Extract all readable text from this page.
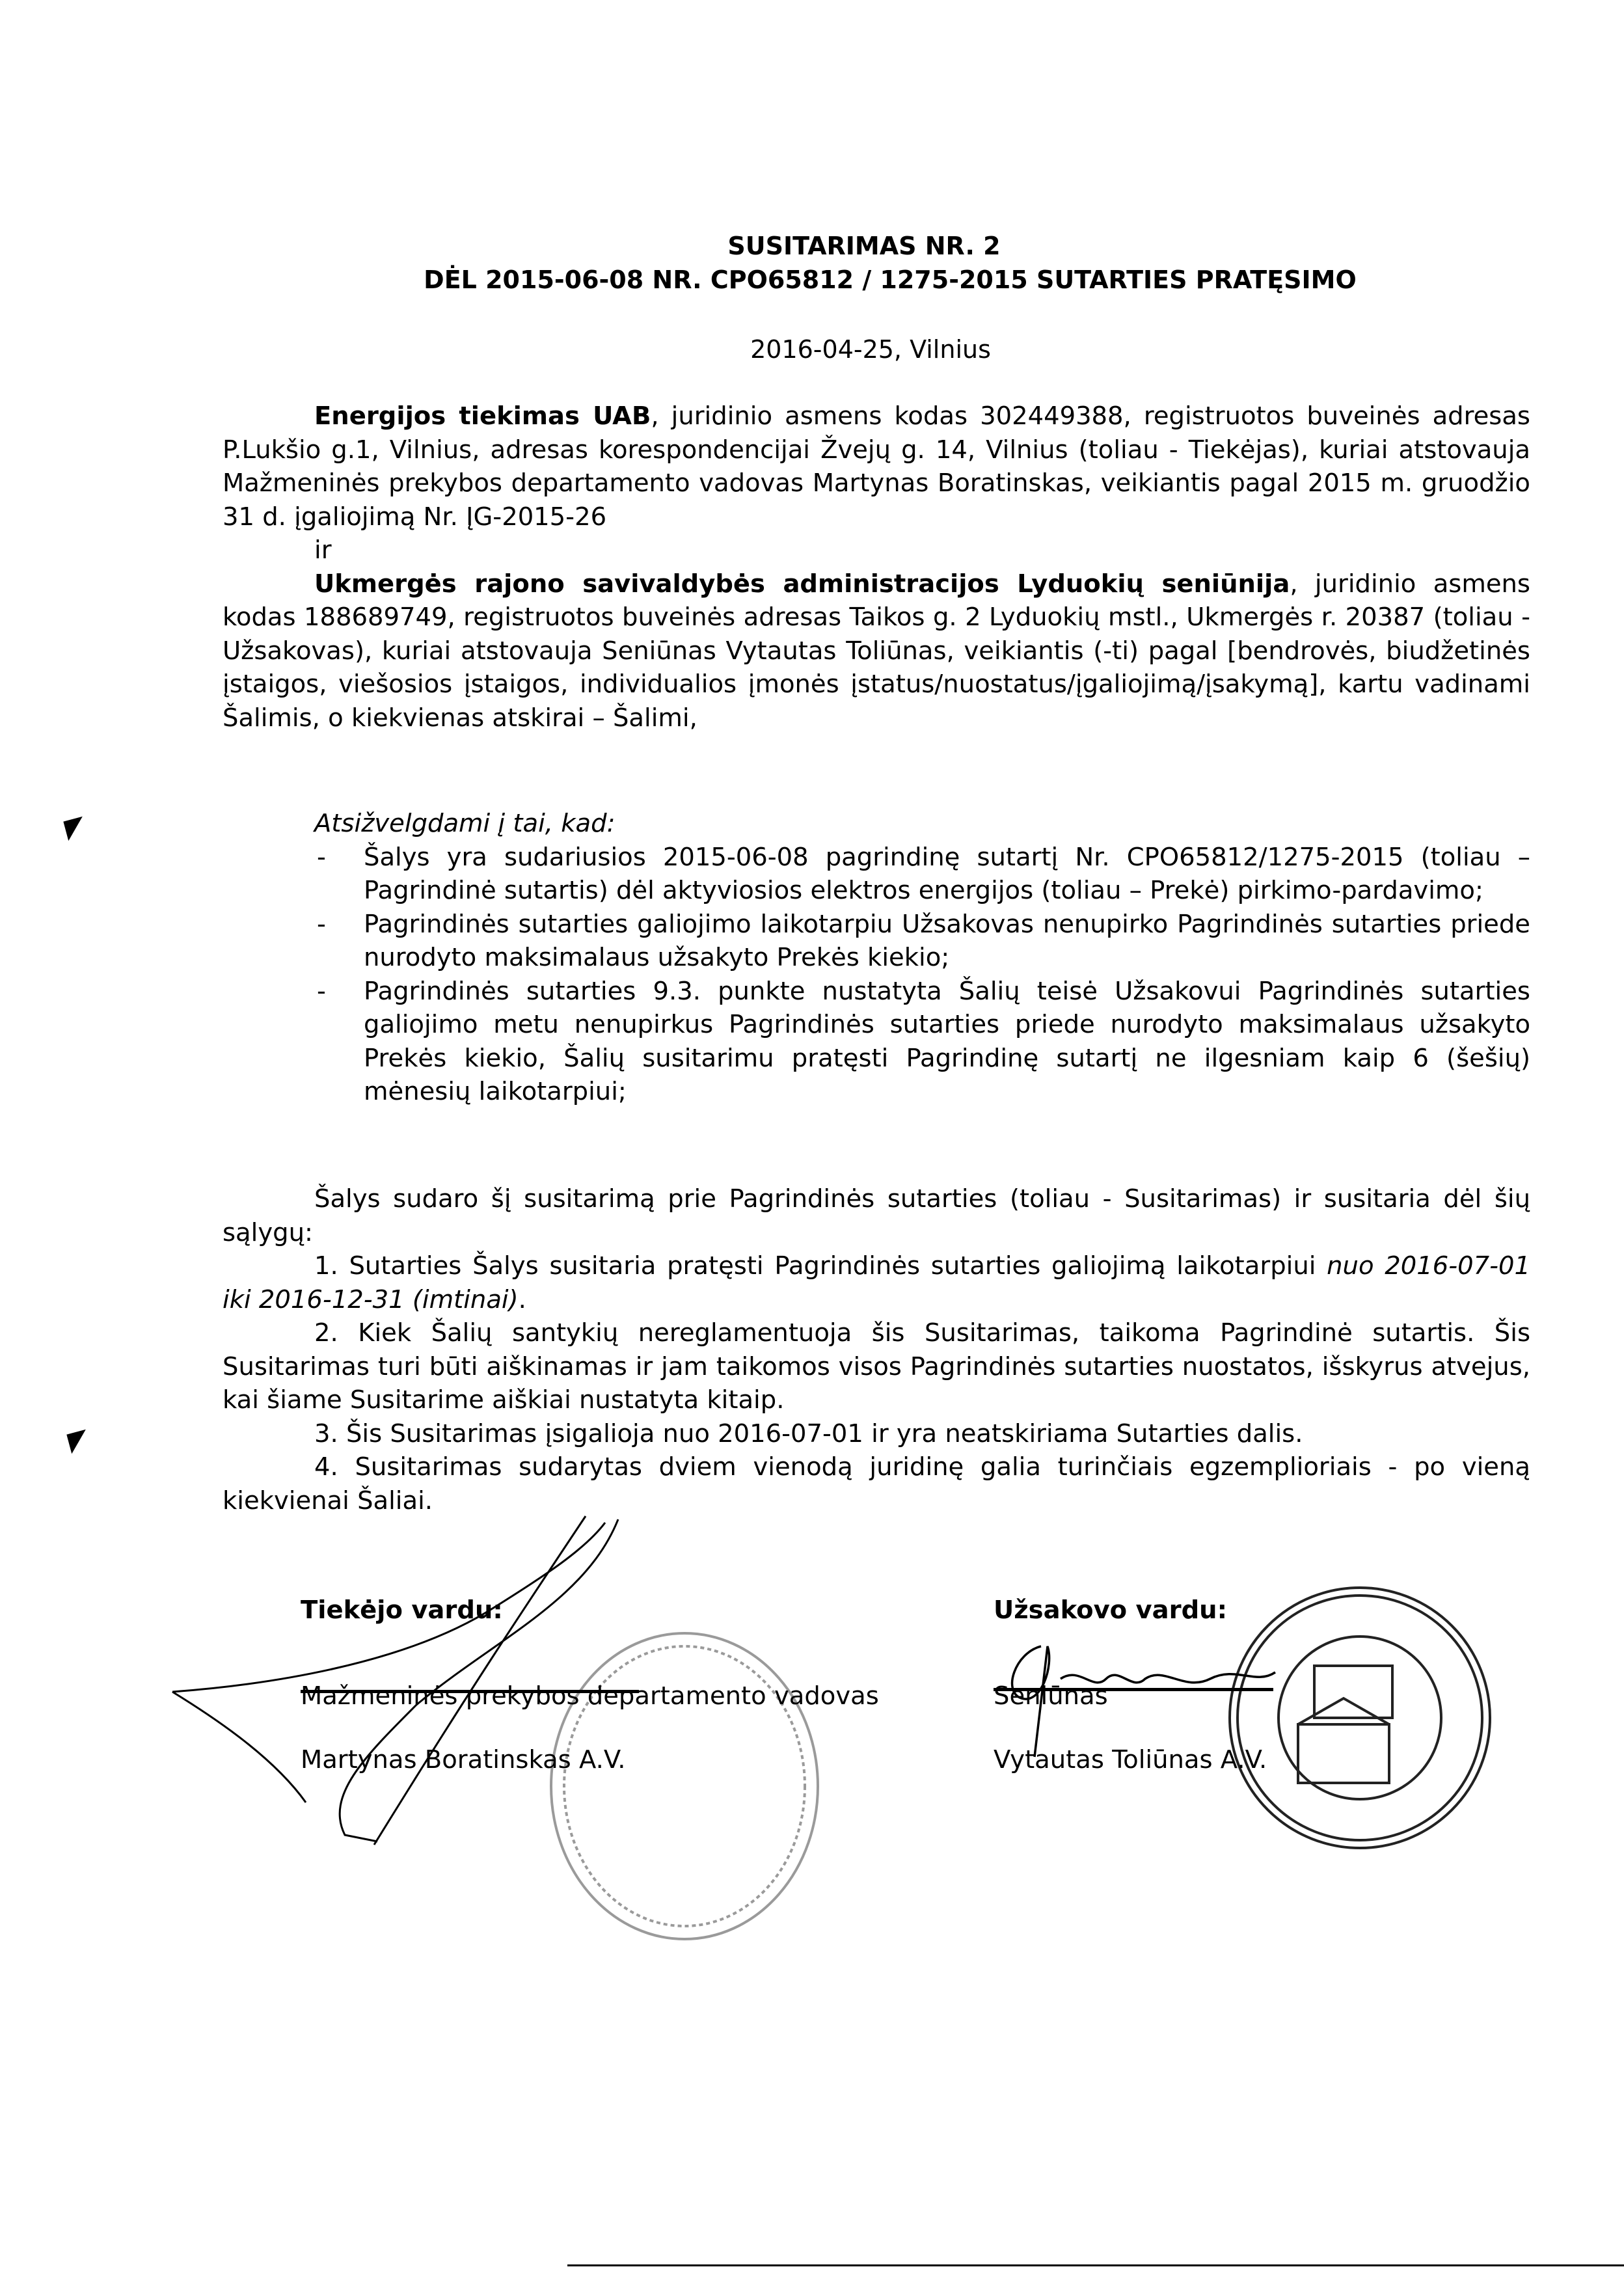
SUSITARIMAS NR. 2
DĖL 2015-06-08 NR. CPO65812 / 1275-2015 SUTARTIES PRATĘSIMO
2016-04-25, Vilnius
Energijos tiekimas UAB, juridinio asmens kodas 302449388, registruotos buveinės adresas P.Lukšio g.1, Vilnius, adresas korespondencijai Žvejų g. 14, Vilnius (toliau - Tiekėjas), kuriai atstovauja Mažmeninės prekybos departamento vadovas Martynas Boratinskas, veikiantis pagal 2015 m. gruodžio 31 d. įgaliojimą Nr. ĮG-2015-26
ir
Ukmergės rajono savivaldybės administracijos Lyduokių seniūnija, juridinio asmens kodas 188689749, registruotos buveinės adresas Taikos g. 2 Lyduokių mstl., Ukmergės r. 20387 (toliau - Užsakovas), kuriai atstovauja Seniūnas Vytautas Toliūnas, veikiantis (-ti) pagal [bendrovės, biudžetinės įstaigos, viešosios įstaigos, individualios įmonės įstatus/nuostatus/įgaliojimą/įsakymą], kartu vadinami Šalimis, o kiekvienas atskirai – Šalimi,
Atsižvelgdami į tai, kad:
- Šalys yra sudariusios 2015-06-08 pagrindinę sutartį Nr. CPO65812/1275-2015 (toliau – Pagrindinė sutartis) dėl aktyviosios elektros energijos (toliau – Prekė) pirkimo-pardavimo;
- Pagrindinės sutarties galiojimo laikotarpiu Užsakovas nenupirko Pagrindinės sutarties priede nurodyto maksimalaus užsakyto Prekės kiekio;
- Pagrindinės sutarties 9.3. punkte nustatyta Šalių teisė Užsakovui Pagrindinės sutarties galiojimo metu nenupirkus Pagrindinės sutarties priede nurodyto maksimalaus užsakyto Prekės kiekio, Šalių susitarimu pratęsti Pagrindinę sutartį ne ilgesniam kaip 6 (šešių) mėnesių laikotarpiui;
Šalys sudaro šį susitarimą prie Pagrindinės sutarties (toliau - Susitarimas) ir susitaria dėl šių sąlygų:
1. Sutarties Šalys susitaria pratęsti Pagrindinės sutarties galiojimą laikotarpiui nuo 2016-07-01 iki 2016-12-31 (imtinai).
2. Kiek Šalių santykių nereglamentuoja šis Susitarimas, taikoma Pagrindinė sutartis. Šis Susitarimas turi būti aiškinamas ir jam taikomos visos Pagrindinės sutarties nuostatos, išskyrus atvejus, kai šiame Susitarime aiškiai nustatyta kitaip.
3. Šis Susitarimas įsigalioja nuo 2016-07-01 ir yra neatskiriama Sutarties dalis.
4. Susitarimas sudarytas dviem vienodą juridinę galia turinčiais egzemplioriais - po vieną kiekvienai Šaliai.
Tiekėjo vardu:
Mažmeninės prekybos departamento vadovas
Martynas Boratinskas A.V.
Užsakovo vardu:
Seniūnas
Vytautas Toliūnas A.V.
◤
◤
